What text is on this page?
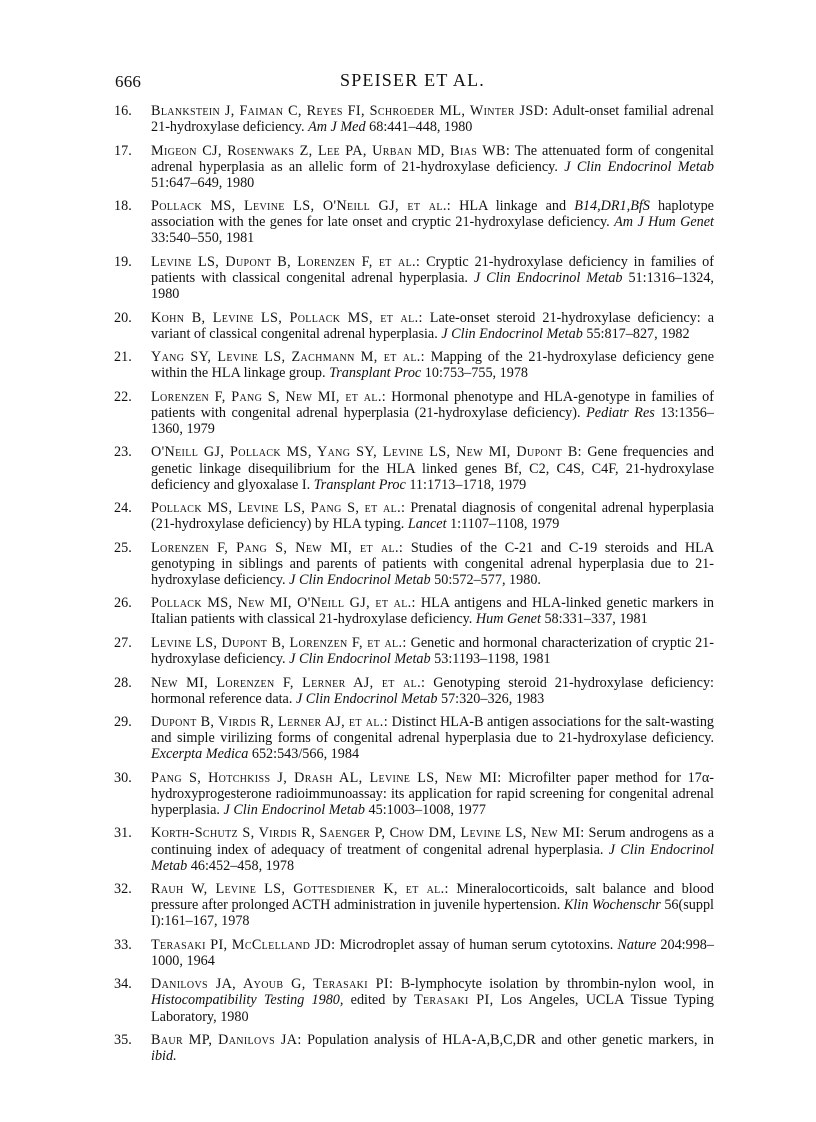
666	SPEISER ET AL.
16. Blankstein J, Faiman C, Reyes FI, Schroeder ML, Winter JSD: Adult-onset familial adrenal 21-hydroxylase deficiency. Am J Med 68:441–448, 1980
17. Migeon CJ, Rosenwaks Z, Lee PA, Urban MD, Bias WB: The attenuated form of congenital adrenal hyperplasia as an allelic form of 21-hydroxylase deficiency. J Clin Endocrinol Metab 51:647–649, 1980
18. Pollack MS, Levine LS, O'Neill GJ, et al.: HLA linkage and B14,DR1,BfS haplotype association with the genes for late onset and cryptic 21-hydroxylase deficiency. Am J Hum Genet 33:540–550, 1981
19. Levine LS, Dupont B, Lorenzen F, et al.: Cryptic 21-hydroxylase deficiency in families of patients with classical congenital adrenal hyperplasia. J Clin Endocrinol Metab 51:1316–1324, 1980
20. Kohn B, Levine LS, Pollack MS, et al.: Late-onset steroid 21-hydroxylase deficiency: a variant of classical congenital adrenal hyperplasia. J Clin Endocrinol Metab 55:817–827, 1982
21. Yang SY, Levine LS, Zachmann M, et al.: Mapping of the 21-hydroxylase deficiency gene within the HLA linkage group. Transplant Proc 10:753–755, 1978
22. Lorenzen F, Pang S, New MI, et al.: Hormonal phenotype and HLA-genotype in families of patients with congenital adrenal hyperplasia (21-hydroxylase deficiency). Pediatr Res 13:1356–1360, 1979
23. O'Neill GJ, Pollack MS, Yang SY, Levine LS, New MI, Dupont B: Gene frequencies and genetic linkage disequilibrium for the HLA linked genes Bf, C2, C4S, C4F, 21-hydroxylase deficiency and glyoxalase I. Transplant Proc 11:1713–1718, 1979
24. Pollack MS, Levine LS, Pang S, et al.: Prenatal diagnosis of congenital adrenal hyperplasia (21-hydroxylase deficiency) by HLA typing. Lancet 1:1107–1108, 1979
25. Lorenzen F, Pang S, New MI, et al.: Studies of the C-21 and C-19 steroids and HLA genotyping in siblings and parents of patients with congenital adrenal hyperplasia due to 21-hydroxylase deficiency. J Clin Endocrinol Metab 50:572–577, 1980.
26. Pollack MS, New MI, O'Neill GJ, et al.: HLA antigens and HLA-linked genetic markers in Italian patients with classical 21-hydroxylase deficiency. Hum Genet 58:331–337, 1981
27. Levine LS, Dupont B, Lorenzen F, et al.: Genetic and hormonal characterization of cryptic 21-hydroxylase deficiency. J Clin Endocrinol Metab 53:1193–1198, 1981
28. New MI, Lorenzen F, Lerner AJ, et al.: Genotyping steroid 21-hydroxylase deficiency: hormonal reference data. J Clin Endocrinol Metab 57:320–326, 1983
29. Dupont B, Virdis R, Lerner AJ, et al.: Distinct HLA-B antigen associations for the salt-wasting and simple virilizing forms of congenital adrenal hyperplasia due to 21-hydroxylase deficiency. Excerpta Medica 652:543/566, 1984
30. Pang S, Hotchkiss J, Drash AL, Levine LS, New MI: Microfilter paper method for 17α-hydroxyprogesterone radioimmunoassay: its application for rapid screening for congenital adrenal hyperplasia. J Clin Endocrinol Metab 45:1003–1008, 1977
31. Korth-Schutz S, Virdis R, Saenger P, Chow DM, Levine LS, New MI: Serum androgens as a continuing index of adequacy of treatment of congenital adrenal hyperplasia. J Clin Endocrinol Metab 46:452–458, 1978
32. Rauh W, Levine LS, Gottesdiener K, et al.: Mineralocorticoids, salt balance and blood pressure after prolonged ACTH administration in juvenile hypertension. Klin Wochenschr 56(suppl I):161–167, 1978
33. Terasaki PI, McClelland JD: Microdroplet assay of human serum cytotoxins. Nature 204:998–1000, 1964
34. Danilovs JA, Ayoub G, Terasaki PI: B-lymphocyte isolation by thrombin-nylon wool, in Histocompatibility Testing 1980, edited by Terasaki PI, Los Angeles, UCLA Tissue Typing Laboratory, 1980
35. Baur MP, Danilovs JA: Population analysis of HLA-A,B,C,DR and other genetic markers, in ibid.
